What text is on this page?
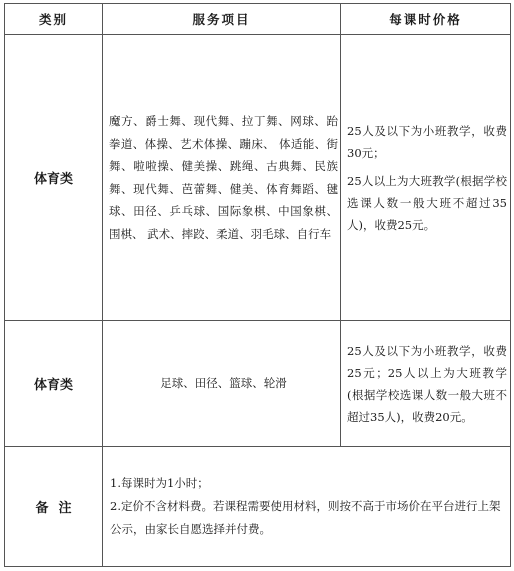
类别	服务项目	每课时价格
体育类	魔方、爵士舞、现代舞、拉丁舞、网球、跆拳道、体操、艺术体操、蹦床、 体适能、街舞、啦啦操、健美操、跳绳、古典舞、民族舞、现代舞、芭蕾舞、健美、体育舞蹈、毽球、田径、乒乓球、国际象棋、中国象棋、围棋、 武术、摔跤、柔道、羽毛球、自行车	25人及以下为小班教学，收费30元；

25人以上为大班教学(根据学校选课人数一般大班不超过35人)，收费25元。

体育类	足球、田径、篮球、轮滑	25人及以下为小班教学，收费25元；25人以上为大班教学(根据学校选课人数一般大班不超过35人)，收费20元。
备注	1.每课时为1小时；

2.定价不含材料费。若课程需要使用材料，则按不高于市场价在平台进行上架公示，由家长自愿选择并付费。	
